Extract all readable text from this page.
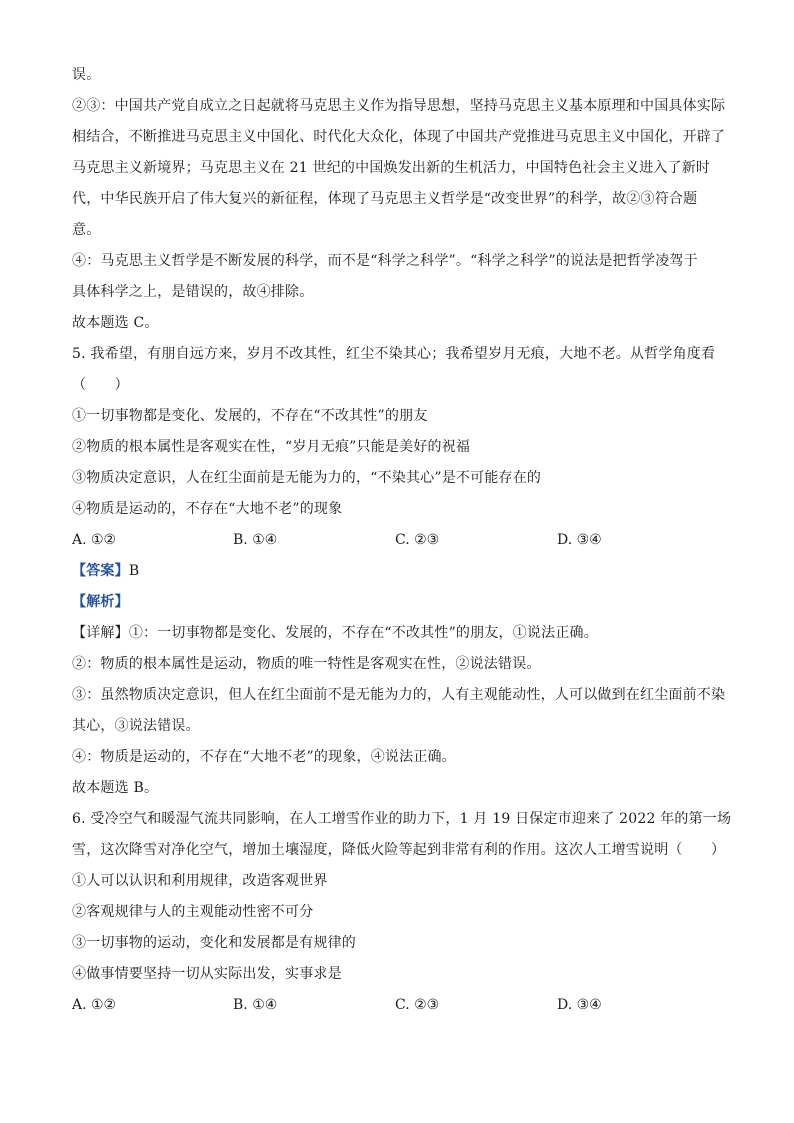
误。
②③：中国共产党自成立之日起就将马克思主义作为指导思想，坚持马克思主义基本原理和中国具体实际
相结合，不断推进马克思主义中国化、时代化大众化，体现了中国共产党推进马克思主义中国化，开辟了
马克思主义新境界；马克思主义在 21 世纪的中国焕发出新的生机活力，中国特色社会主义进入了新时
代，中华民族开启了伟大复兴的新征程，体现了马克思主义哲学是“改变世界”的科学，故②③符合题
意。
④：马克思主义哲学是不断发展的科学，而不是“科学之科学”。“科学之科学”的说法是把哲学凌驾于
具体科学之上，是错误的，故④排除。
故本题选 C。
5. 我希望，有朋自远方来，岁月不改其性，红尘不染其心；我希望岁月无痕，大地不老。从哲学角度看
（　　）
①一切事物都是变化、发展的，不存在“不改其性”的朋友
②物质的根本属性是客观实在性，“岁月无痕”只能是美好的祝福
③物质决定意识，人在红尘面前是无能为力的，“不染其心”是不可能存在的
④物质是运动的，不存在“大地不老”的现象
A. ①②	B. ①④	C. ②③	D. ③④
【答案】B
【解析】
【详解】①：一切事物都是变化、发展的，不存在“不改其性”的朋友，①说法正确。
②：物质的根本属性是运动，物质的唯一特性是客观实在性，②说法错误。
③：虽然物质决定意识，但人在红尘面前不是无能为力的，人有主观能动性，人可以做到在红尘面前不染
其心，③说法错误。
④：物质是运动的，不存在“大地不老”的现象，④说法正确。
故本题选 B。
6. 受冷空气和暖湿气流共同影响，在人工增雪作业的助力下，1 月 19 日保定市迎来了 2022 年的第一场
雪，这次降雪对净化空气，增加土壤湿度，降低火险等起到非常有利的作用。这次人工增雪说明（　　）
①人可以认识和利用规律，改造客观世界
②客观规律与人的主观能动性密不可分
③一切事物的运动，变化和发展都是有规律的
④做事情要坚持一切从实际出发，实事求是
A. ①②	B. ①④	C. ②③	D. ③④
